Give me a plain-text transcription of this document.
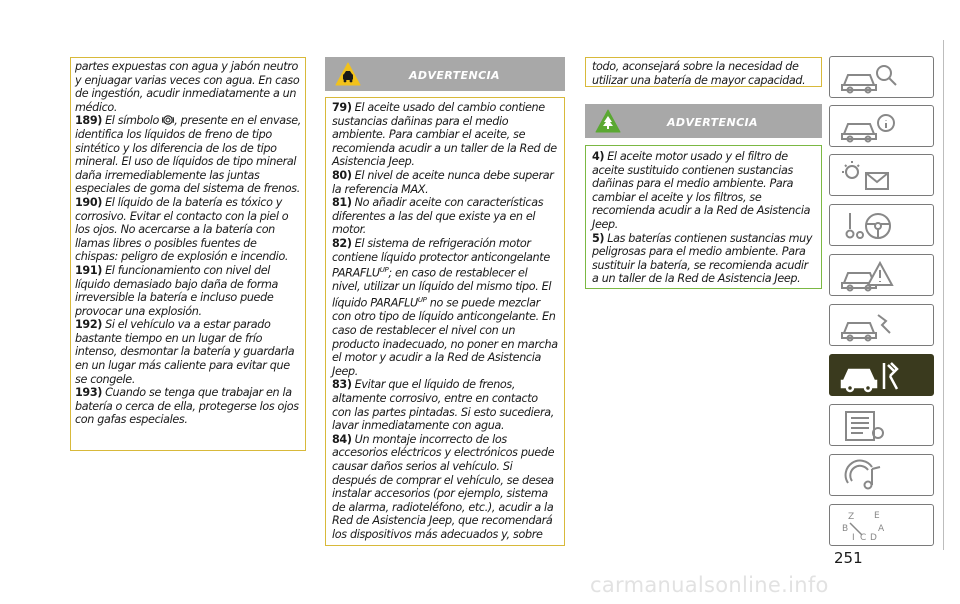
partes expuestas con agua y jabón neutro y enjuagar varias veces con agua. En caso de ingestión, acudir inmediatamente a un médico.

189) El símbolo , presente en el envase, identifica los líquidos de freno de tipo sintético y los diferencia de los de tipo mineral. El uso de líquidos de tipo mineral daña irremediablemente las juntas especiales de goma del sistema de frenos.

190) El líquido de la batería es tóxico y corrosivo. Evitar el contacto con la piel o los ojos. No acercarse a la batería con llamas libres o posibles fuentes de chispas: peligro de explosión e incendio.

191) El funcionamiento con nivel del líquido demasiado bajo daña de forma irreversible la batería e incluso puede provocar una explosión.

192) Si el vehículo va a estar parado bastante tiempo en un lugar de frío intenso, desmontar la batería y guardarla en un lugar más caliente para evitar que se congele.

193) Cuando se tenga que trabajar en la batería o cerca de ella, protegerse los ojos con gafas especiales.

ADVERTENCIA

79) El aceite usado del cambio contiene sustancias dañinas para el medio ambiente. Para cambiar el aceite, se recomienda acudir a un taller de la Red de Asistencia Jeep.

80) El nivel de aceite nunca debe superar la referencia MAX.

81) No añadir aceite con características diferentes a las del que existe ya en el motor.

82) El sistema de refrigeración motor contiene líquido protector anticongelante $PARAFLU^{UP}$; en caso de restablecer el nivel, utilizar un líquido del mismo tipo. El líquido $PARAFLU^{UP}$ no se puede mezclar con otro tipo de líquido anticongelante. En caso de restablecer el nivel con un producto inadecuado, no poner en marcha el motor y acudir a la Red de Asistencia Jeep.

83) Evitar que el líquido de frenos, altamente corrosivo, entre en contacto con las partes pintadas. Si esto sucediera, lavar inmediatamente con agua.

84) Un montaje incorrecto de los accesorios eléctricos y electrónicos puede causar daños serios al vehículo. Si después de comprar el vehículo, se desea instalar accesorios (por ejemplo, sistema de alarma, radioteléfono, etc.), acudir a la Red de Asistencia Jeep, que recomendará los dispositivos más adecuados y, sobre

todo, aconsejará sobre la necesidad de utilizar una batería de mayor capacidad.

ADVERTENCIA

4) El aceite motor usado y el filtro de aceite sustituido contienen sustancias dañinas para el medio ambiente. Para cambiar el aceite y los filtros, se recomienda acudir a la Red de Asistencia Jeep.

5) Las baterías contienen sustancias muy peligrosas para el medio ambiente. Para sustituir la batería, se recomienda acudir a un taller de la Red de Asistencia Jeep.

Z E
B	A
I C D
251
carmanualsonline.info
